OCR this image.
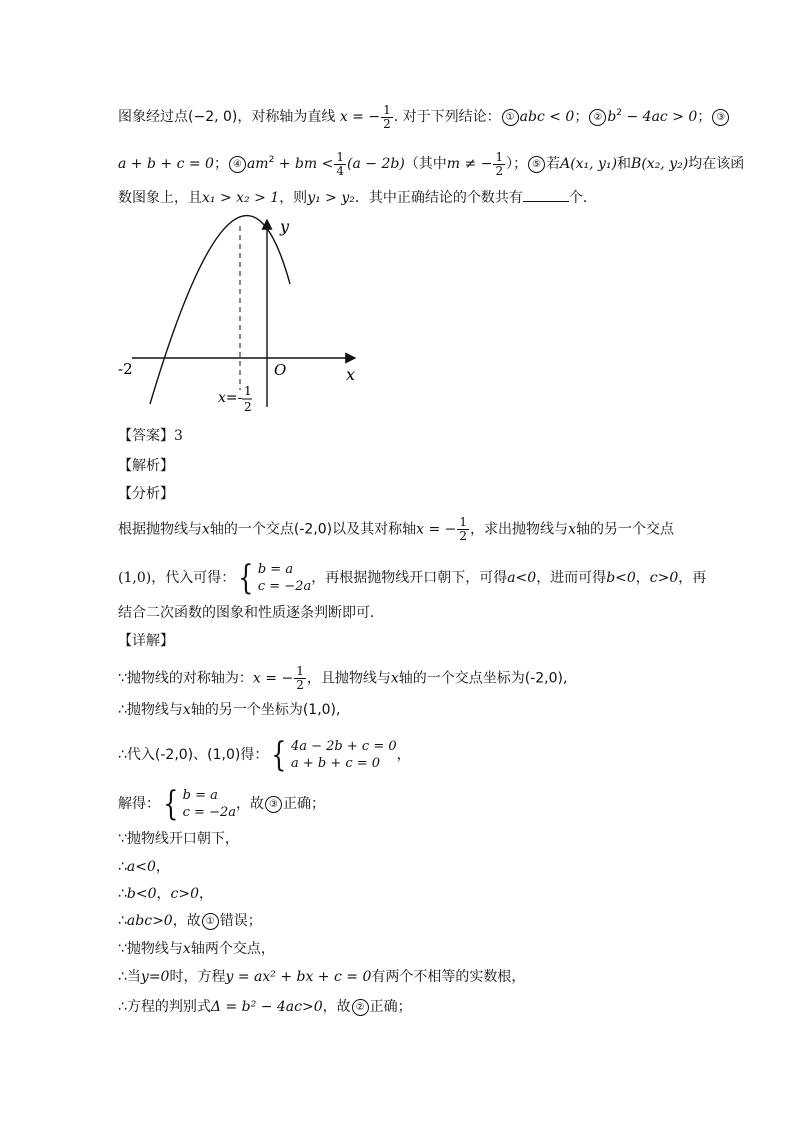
图象经过点(−2, 0)，对称轴为直线 x = − $\frac{1}{2}$ . 对于下列结论： ① abc < 0； ② $b^2 - 4ac > 0$； ③
a + b + c = 0； ④ $am^2$ + bm < $\frac{1}{4} (a - 2b)$（其中m ≠ − $\frac{1}{2}$ ）； ⑤ 若A(x₁, y₁)和B(x₂, y₂)均在该函
数图象上，且x₁ > x₂ > 1，则y₁ > y₂．其中正确结论的个数共有	个．
y
x
O
-2
x=- 1
2
【答案】3
【解析】
【分析】
根据抛物线与x轴的一个交点(-2,0)以及其对称轴x = − $\frac{1}{2}$ ，求出抛物线与x轴的另一个交点
(1,0)，代入可得：{ b = a
c = −2a，再根据抛物线开口朝下，可得a<0，进而可得b<0，c>0，再
结合二次函数的图象和性质逐条判断即可．
【详解】
∵抛物线的对称轴为：x = − $\frac{1}{2}$ ，且抛物线与x轴的一个交点坐标为(-2,0),
∴抛物线与x轴的另一个坐标为(1,0),
∴代入(-2,0)、(1,0)得：{ 4a − 2b + c = 0
a + b + c = 0，
解得：{ b = a
c = −2a，故 ③ 正确；
∵抛物线开口朝下，
∴a<0，
∴b<0，c>0，
∴abc>0，故 ① 错误；
∵抛物线与x轴两个交点，
∴当y=0时，方程y = ax² + bx + c = 0有两个不相等的实数根，
∴方程的判别式Δ = b² − 4ac>0，故 ② 正确；
